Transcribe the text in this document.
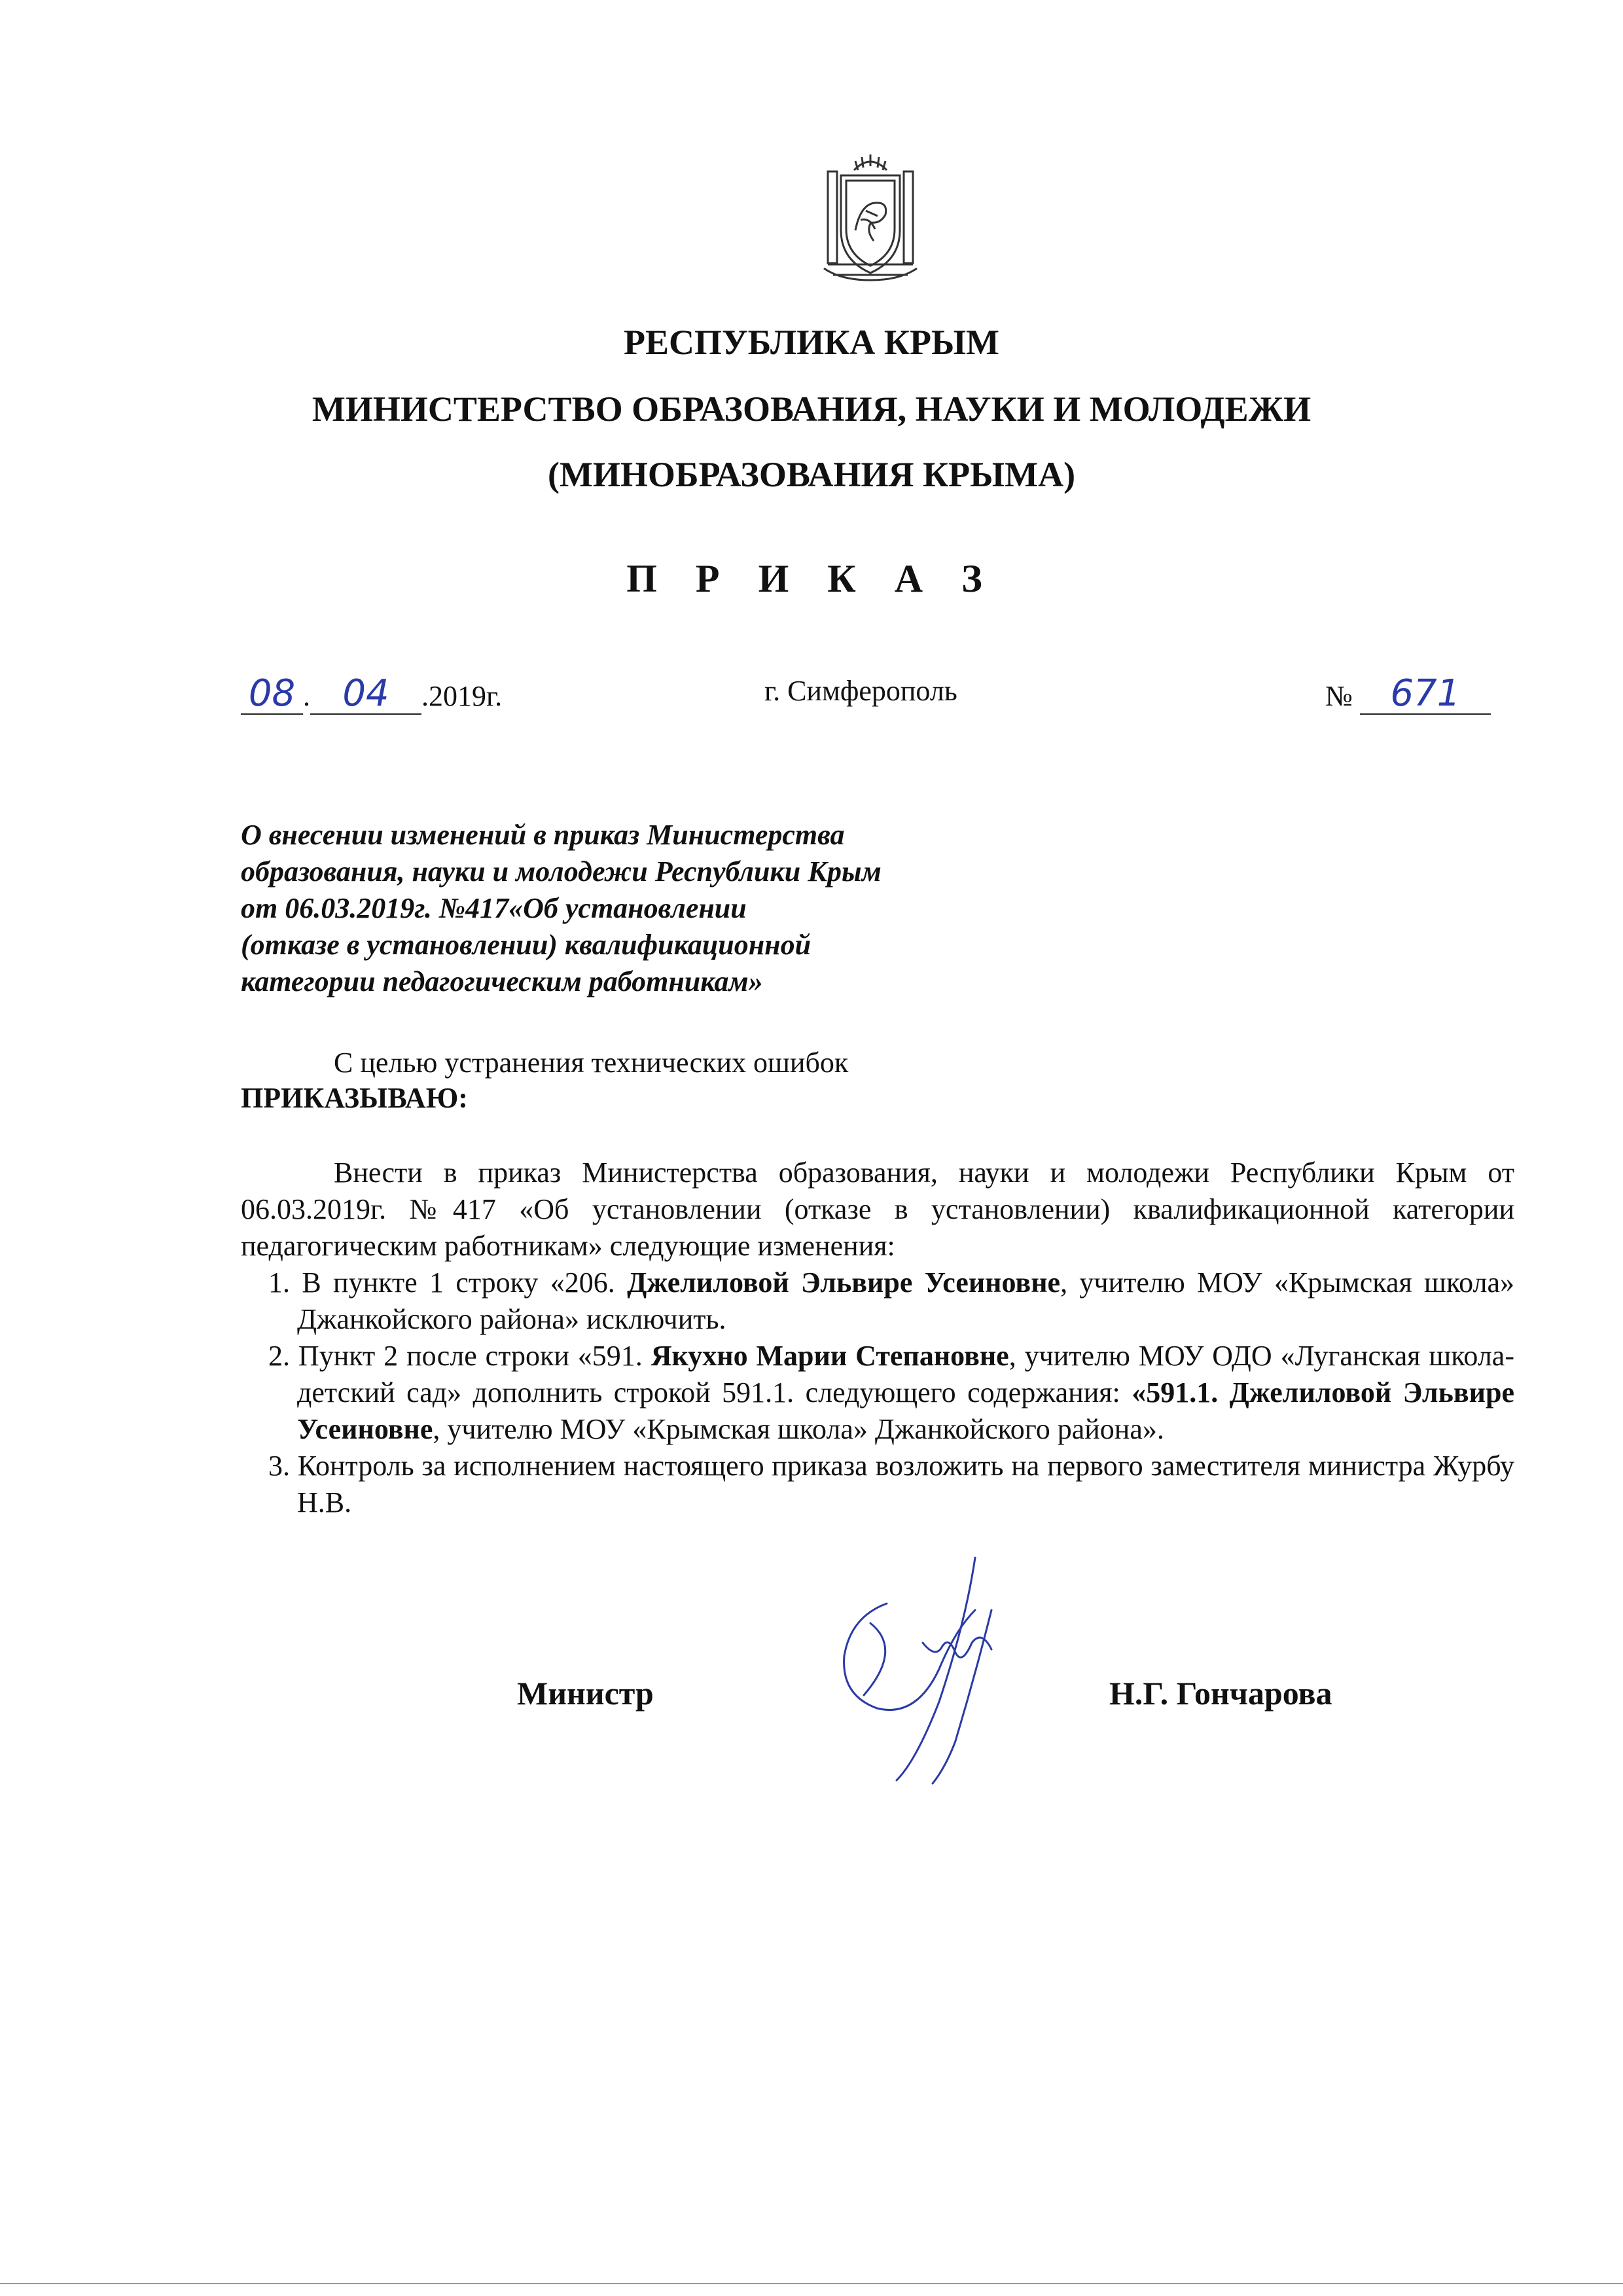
РЕСПУБЛИКА КРЫМ
МИНИСТЕРСТВО ОБРАЗОВАНИЯ, НАУКИ И МОЛОДЕЖИ
(МИНОБРАЗОВАНИЯ КРЫМА)
П Р И К А З
08 . 04 .2019г.	г. Симферополь	№ 671
О внесении изменений в приказ Министерства
образования, науки и молодежи Республики Крым
от 06.03.2019г. №417«Об установлении
(отказе в установлении) квалификационной
категории педагогическим работникам»
С целью устранения технических ошибок
ПРИКАЗЫВАЮ:

Внести в приказ Министерства образования, науки и молодежи Республики Крым от 06.03.2019г. №417 «Об установлении (отказе в установлении) квалификационной категории педагогическим работникам» следующие изменения:

1. В пункте 1 строку «206. Джелиловой Эльвире Усеиновне, учителю МОУ «Крымская школа» Джанкойского района» исключить.

2. Пункт 2 после строки «591. Якухно Марии Степановне, учителю МОУ ОДО «Луганская школа- детский сад» дополнить строкой 591.1. следующего содержания: «591.1. Джелиловой Эльвире Усеиновне, учителю МОУ «Крымская школа» Джанкойского района».

3. Контроль за исполнением настоящего приказа возложить на первого заместителя министра Журбу Н.В.

Министр	Н.Г. Гончарова
